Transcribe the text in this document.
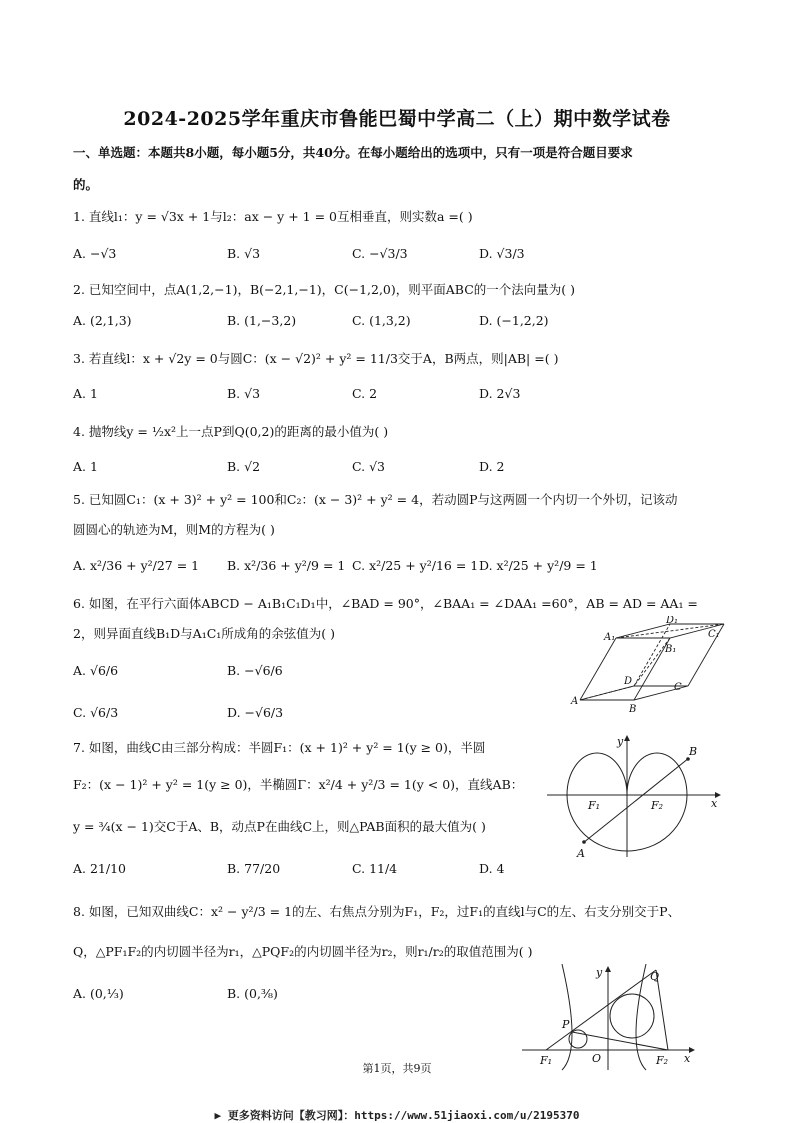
2024-2025学年重庆市鲁能巴蜀中学高二（上）期中数学试卷
一、单选题：本题共8小题，每小题5分，共40分。在每小题给出的选项中，只有一项是符合题目要求
的。
1. 直线l₁：y = √3x + 1与l₂：ax − y + 1 = 0互相垂直，则实数a =( )
A. −√3	B. √3	C. −√3/3	D. √3/3
2. 已知空间中，点A(1,2,−1)，B(−2,1,−1)，C(−1,2,0)，则平面ABC的一个法向量为( )
A. (2,1,3)	B. (1,−3,2)	C. (1,3,2)	D. (−1,2,2)
3. 若直线l：x + √2y = 0与圆C：(x − √2)² + y² = 11/3交于A，B两点，则|AB| =( )
A. 1	B. √3	C. 2	D. 2√3
4. 抛物线y = ½x²上一点P到Q(0,2)的距离的最小值为( )
A. 1	B. √2	C. √3	D. 2
5. 已知圆C₁：(x + 3)² + y² = 100和C₂：(x − 3)² + y² = 4，若动圆P与这两圆一个内切一个外切，记该动
圆圆心的轨迹为M，则M的方程为( )
A. x²/36 + y²/27 = 1 B. x²/36 + y²/9 = 1 C. x²/25 + y²/16 = 1 D. x²/25 + y²/9 = 1
6. 如图，在平行六面体ABCD − A₁B₁C₁D₁中，∠BAD = 90°，∠BAA₁ = ∠DAA₁ =60°，AB = AD = AA₁ =
2，则异面直线B₁D与A₁C₁所成角的余弦值为( )
A. √6/6	B. −√6/6
C. √6/3	D. −√6/3
A₁
D₁
C₁
B₁
D
C
A
B
7. 如图，曲线C由三部分构成：半圆F₁：(x + 1)² + y² = 1(y ≥ 0)，半圆
F₂：(x − 1)² + y² = 1(y ≥ 0)，半椭圆Γ：x²/4 + y²/3 = 1(y < 0)，直线AB：
y = ¾(x − 1)交C于A、B，动点P在曲线C上，则△PAB面积的最大值为( )
A. 21/10	B. 77/20	C. 11/4	D. 4
y
x
B
F₁	F₂
A
8. 如图，已知双曲线C：x² − y²/3 = 1的左、右焦点分别为F₁，F₂，过F₁的直线l与C的左、右支分别交于P、
Q，△PF₁F₂的内切圆半径为r₁，△PQF₂的内切圆半径为r₂，则r₁/r₂的取值范围为( )
A. (0,⅓)	B. (0,⅜)
y	Q
P
F₁	O	F₂ x
第1页，共9页
▶ 更多资料访问【教习网】：https://www.51jiaoxi.com/u/2195370
